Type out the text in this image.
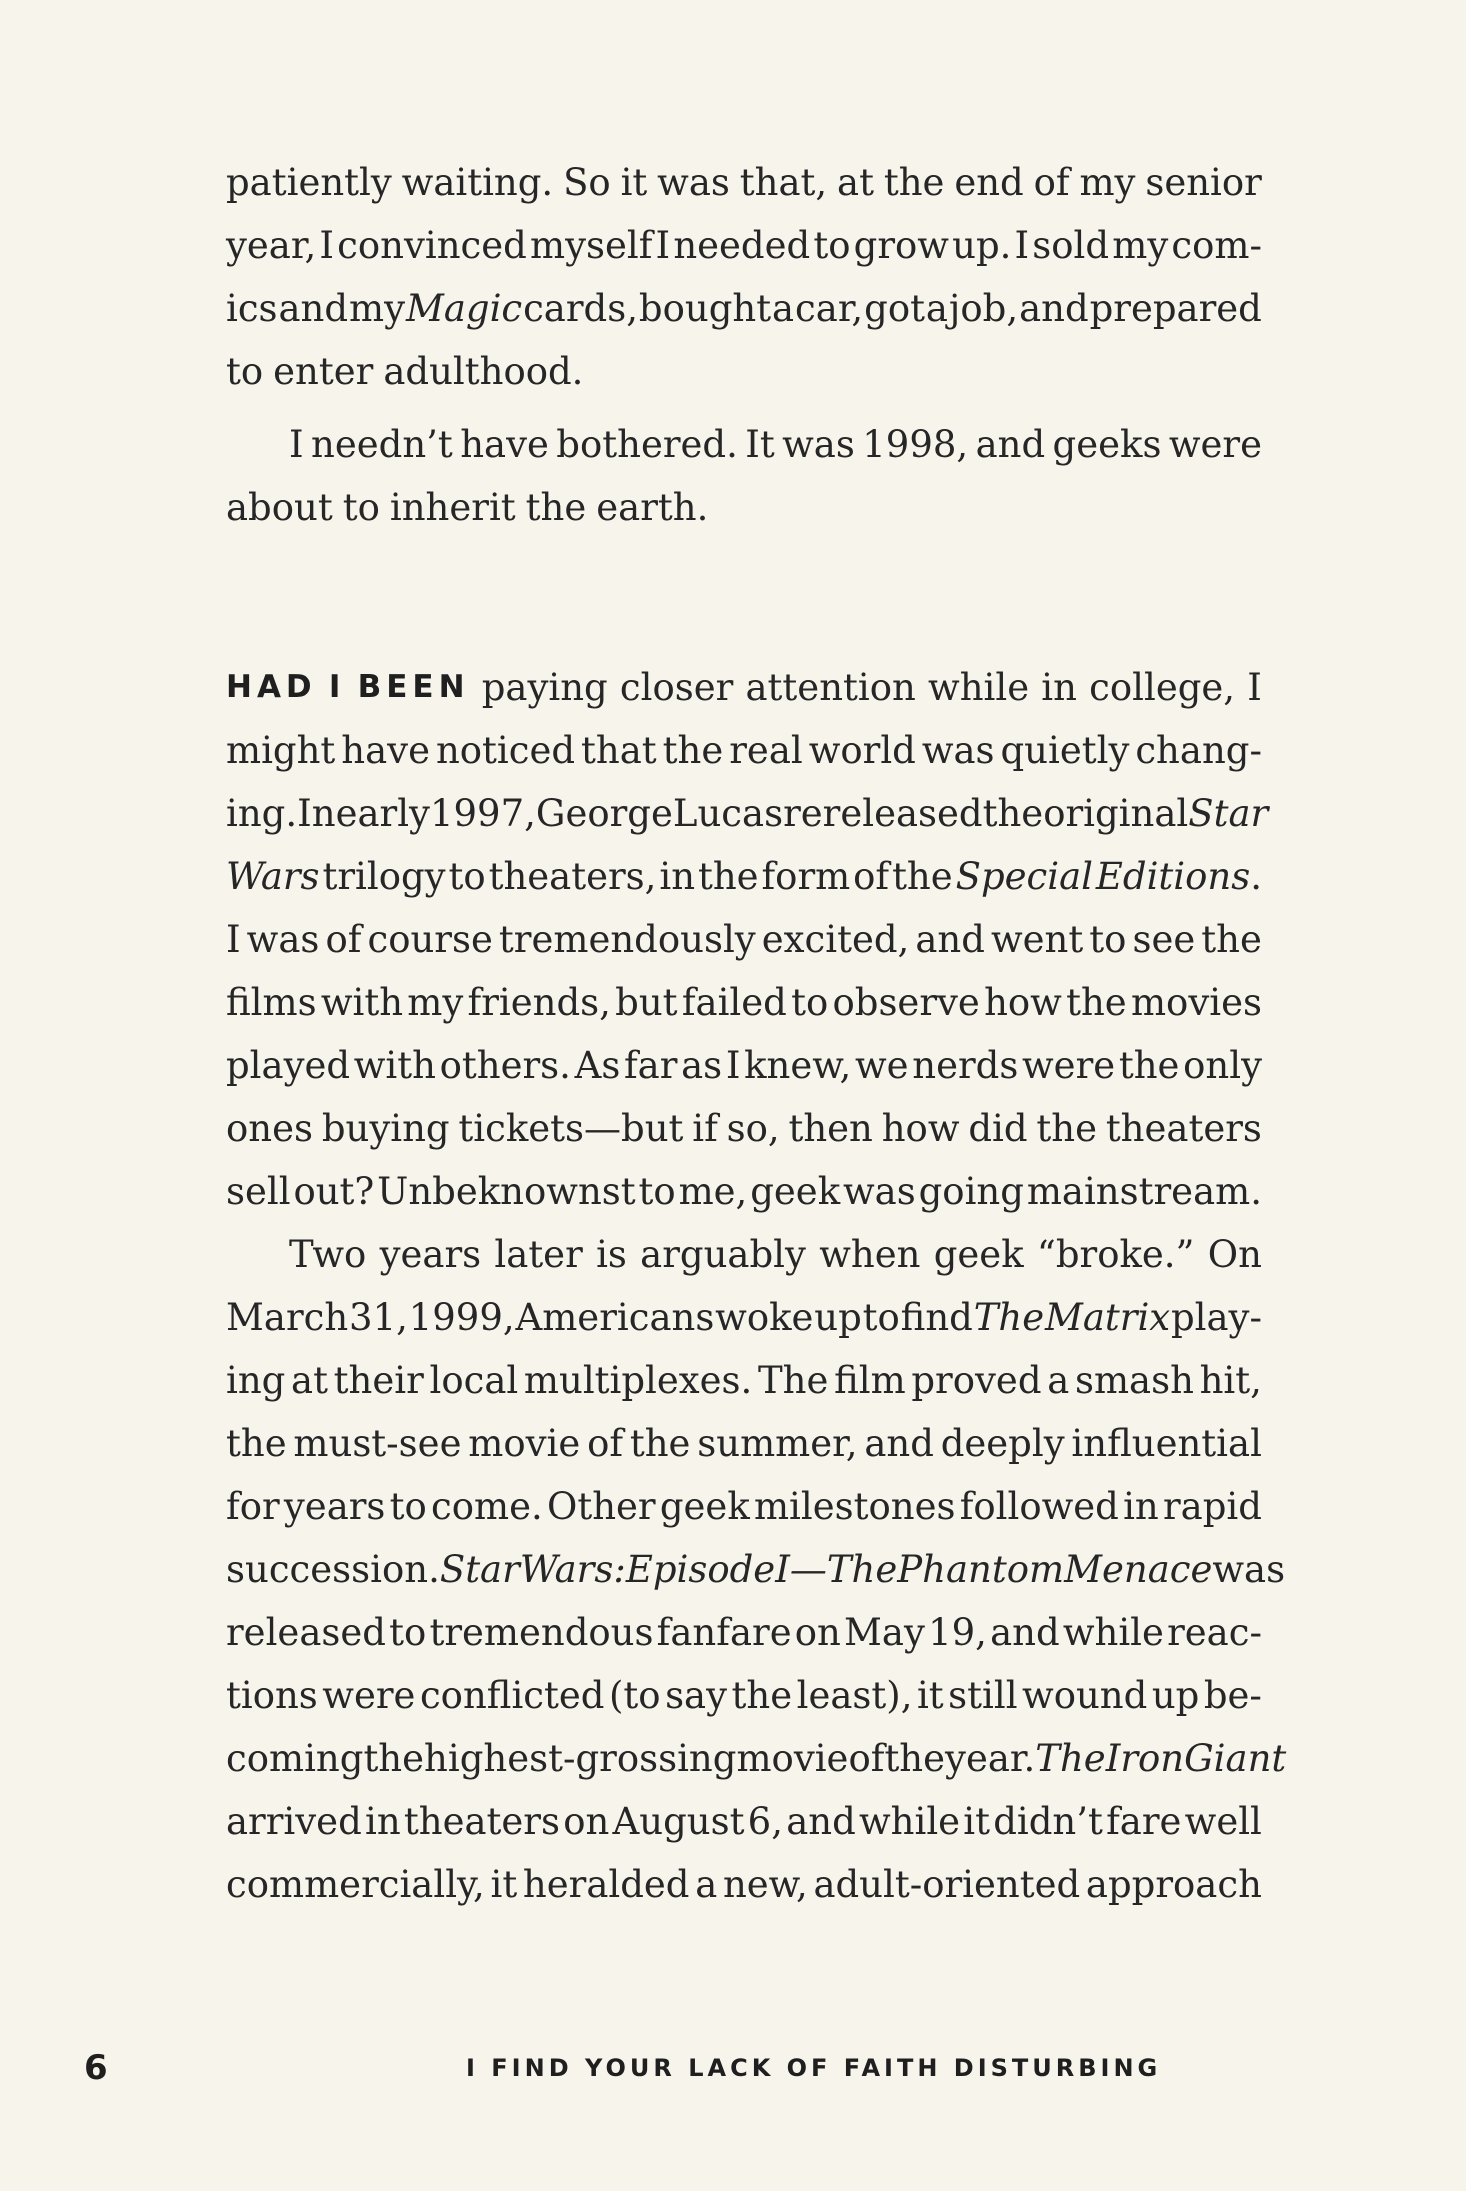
patiently waiting. So it was that, at the end of my senior
year, I convinced myself I needed to grow up. I sold my com-
ics and my Magic cards, bought a car, got a job, and prepared
to enter adulthood.
I needn’t have bothered. It was 1998, and geeks were
about to inherit the earth.
HAD I BEEN paying closer attention while in college, I
might have noticed that the real world was quietly chang-
ing. In early 1997, George Lucas rereleased the original Star
Wars trilogy to theaters, in the form of the Special Editions.
I was of course tremendously excited, and went to see the
films with my friends, but failed to observe how the movies
played with others. As far as I knew, we nerds were the only
ones buying tickets—but if so, then how did the theaters
sell out? Unbeknownst to me, geek was going mainstream.
Two years later is arguably when geek “broke.” On
March 31, 1999, Americans woke up to find The Matrix play-
ing at their local multiplexes. The film proved a smash hit,
the must-see movie of the summer, and deeply influential
for years to come. Other geek milestones followed in rapid
succession. Star Wars: Episode I—The Phantom Menace was
released to tremendous fanfare on May 19, and while reac-
tions were conflicted (to say the least), it still wound up be-
coming the highest-grossing movie of the year. The Iron Giant
arrived in theaters on August 6, and while it didn’t fare well
commercially, it heralded a new, adult-oriented approach
6	I FIND YOUR LACK OF FAITH DISTURBING
